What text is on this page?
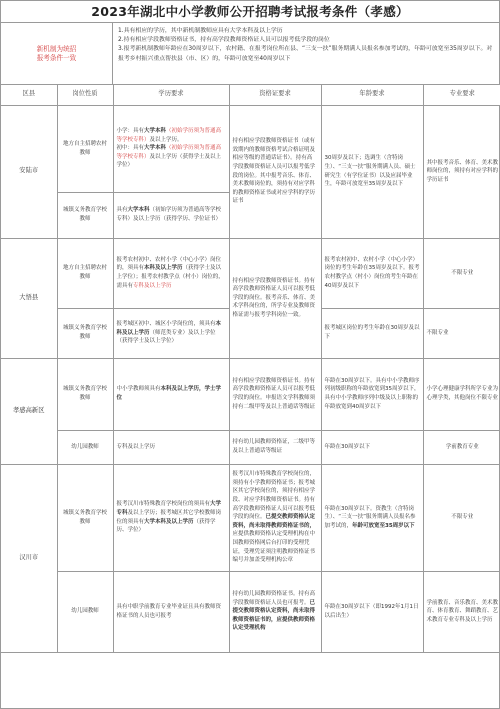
2023年湖北中小学教师公开招聘考试报考条件（孝感）
新机制为统招
报考条件一致
1.具有相应的学历，其中新机制教师应具有大学本科及以上学历
2.持有相应学段教师资格证书，持有高学段教师资格证人员可以报考低学段的岗位
3.报考新机制教师年龄应在30周岁以下，农村籍、在报考岗位所在县、“三支一扶”服务期满人员报名参加考试的，年龄可放宽至35周岁以下。对报考乡村振兴重点帮扶县（市、区）的，年龄可放宽至40周岁以下
区县	岗位性质	学历要求	资格证要求	年龄要求	专业要求
安陆市	地方自主招聘农村教师	小学：具有大学本科（初始学历须为普通高等学校专科）及以上学历。
初中：具有大学本科（初始学历须为普通高等学校专科）及以上学历（获得学士及以上学位）	持有相应学段教师资格证书（或有效期内的教师资格考试合格证明及相应等级的普通话证书）。持有高学段教师资格证人员可以报考低学段的岗位。其中报考音乐、体育、美术教师岗位的，须持有对应学科的教师资格证书或对应学科的学历证书	30周岁及以下；选调生（含特岗生）、“三支一扶”服务期满人员、硕士研究生（有学位证书）以及应届毕业生，年龄可放宽至35周岁及以下	其中报考音乐、体育、美术教师岗位的，须持有对应学科的学历证书
	城镇义务教育学校教师	具有大学本科（初始学历须为普通高等学校专科）及以上学历（获得学历、学位证书）			
大悟县	地方自主招聘农村教师	报考农村初中、农村小学（中心小学）岗位的，须具有本科及以上学历（获得学士及以上学位）；报考农村教学点（村小）岗位的，需具有专科及以上学历	持有相应学段教师资格证书。持有高学段教师资格证人员可以报考低学段的岗位。报考音乐、体育、美术学科岗位的，所学专业及教师资格证需与报考学科岗位一致。	报考农村初中、农村小学（中心小学）岗位的考生年龄在35周岁及以下。报考农村教学点（村小）岗位的考生年龄在40周岁及以下	不限专业
	城镇义务教育学校教师	报考城区初中、城区小学岗位的，须具有本科及以上学历（师范类专业）及以上学位（获得学士及以上学位）		报考城区岗位的考生年龄在30周岁及以下	不限专业
孝感高新区	城镇义务教育学校教师	中小学教师须具有本科及以上学历，学士学位	持有相应学段教师资格证书。持有高学段教师资格证人员可以报考低学段的岗位。申报语文学科教师须持有二级甲等及以上普通话等级证	年龄在30周岁以下。具有中小学教师序列初级职称的年龄放宽到35周岁以下，具有中小学教师序列中级及以上职称的年龄放宽到40周岁以下	小学心理健康学科所学专业为心理学类，其他岗位不限专业
	幼儿园教师	专科及以上学历	持有幼儿园教师资格证，二级甲等及以上普通话等级证	年龄在30周岁以下	学前教育专业
汉川市	城镇义务教育学校教师	报考汉川市特殊教育学校岗位的须具有大学专科及以上学历；报考城区其它学校教师岗位的须具有大学本科及以上学历（获得学历、学位）	报考汉川市特殊教育学校岗位的，须持有小学教师资格证书；报考城区其它学校岗位的，须持有相应学段、对应学科教师资格证书。持有高学段教师资格证人员可以报考低学段的岗位。已提交教师资格认定资料，尚未取得教师资格证书的，应提供教师资格认定受理机构在中国教师资格网后台打印的受理凭证，受理凭证须注明教师资格证书编号并加盖受理机构公章	年龄在30周岁以下。资教生（含特岗生）、“三支一扶”服务期满人员报名参加考试的，年龄可放宽至35周岁以下	不限专业
	幼儿园教师	具有中职学前教育专业毕业证且具有教师资格证书的人员也可报考	持有幼儿园教师资格证书。持有高学段教师资格证人员也可报考。已提交教师资格认定资料，尚未取得教师资格证书的，应提供教师资格认定受理机构	年龄在30周岁以下（即1992年1月1日以后出生）	学前教育、音乐教育、美术教育、体育教育、舞蹈教育、艺术教育专业专科及以上学历
